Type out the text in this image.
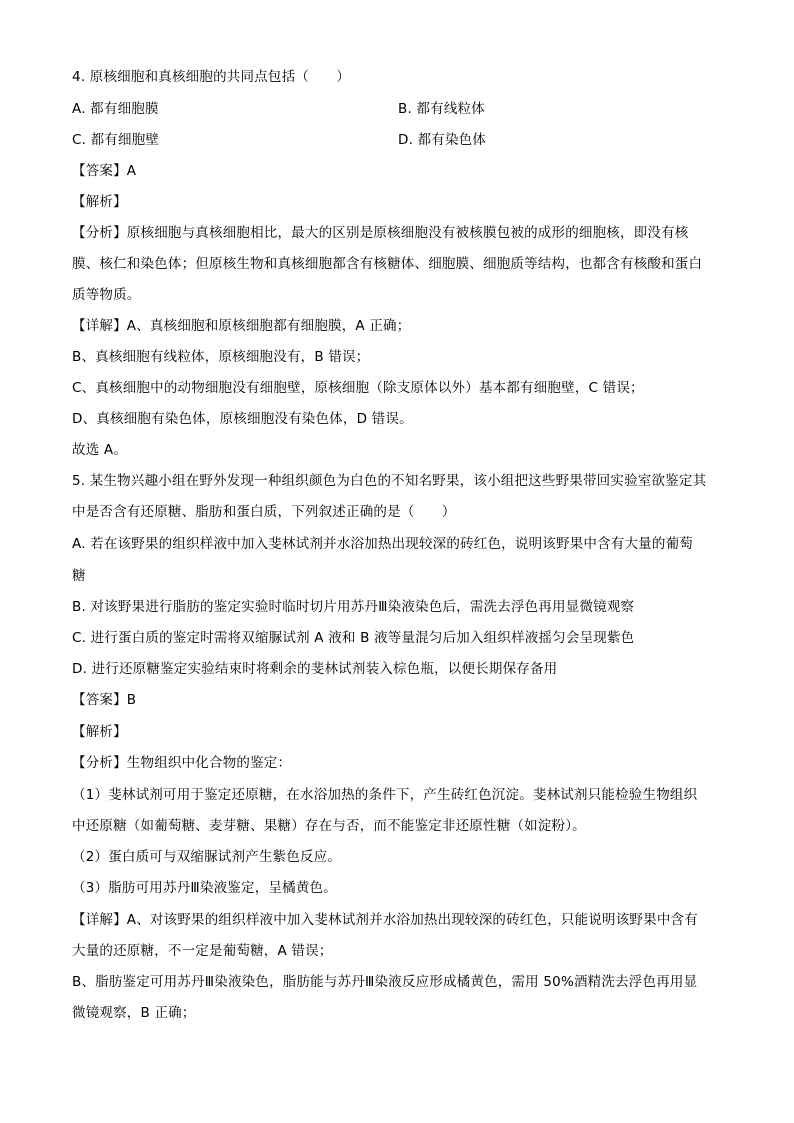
4. 原核细胞和真核细胞的共同点包括（　　）
A. 都有细胞膜	B. 都有线粒体
C. 都有细胞壁	D. 都有染色体
【答案】A
【解析】
【分析】原核细胞与真核细胞相比，最大的区别是原核细胞没有被核膜包被的成形的细胞核，即没有核
膜、核仁和染色体；但原核生物和真核细胞都含有核糖体、细胞膜、细胞质等结构，也都含有核酸和蛋白
质等物质。
【详解】A、真核细胞和原核细胞都有细胞膜，A 正确；
B、真核细胞有线粒体，原核细胞没有，B 错误；
C、真核细胞中的动物细胞没有细胞壁，原核细胞（除支原体以外）基本都有细胞壁，C 错误；
D、真核细胞有染色体，原核细胞没有染色体，D 错误。
故选 A。
5. 某生物兴趣小组在野外发现一种组织颜色为白色的不知名野果，该小组把这些野果带回实验室欲鉴定其
中是否含有还原糖、脂肪和蛋白质，下列叙述正确的是（　　）
A. 若在该野果的组织样液中加入斐林试剂并水浴加热出现较深的砖红色，说明该野果中含有大量的葡萄
糖
B. 对该野果进行脂肪的鉴定实验时临时切片用苏丹Ⅲ染液染色后，需洗去浮色再用显微镜观察
C. 进行蛋白质的鉴定时需将双缩脲试剂 A 液和 B 液等量混匀后加入组织样液摇匀会呈现紫色
D. 进行还原糖鉴定实验结束时将剩余的斐林试剂装入棕色瓶，以便长期保存备用
【答案】B
【解析】
【分析】生物组织中化合物的鉴定：
（1）斐林试剂可用于鉴定还原糖，在水浴加热的条件下，产生砖红色沉淀。斐林试剂只能检验生物组织
中还原糖（如葡萄糖、麦芽糖、果糖）存在与否，而不能鉴定非还原性糖（如淀粉）。
（2）蛋白质可与双缩脲试剂产生紫色反应。
（3）脂肪可用苏丹Ⅲ染液鉴定，呈橘黄色。
【详解】A、对该野果的组织样液中加入斐林试剂并水浴加热出现较深的砖红色，只能说明该野果中含有
大量的还原糖，不一定是葡萄糖，A 错误；
B、脂肪鉴定可用苏丹Ⅲ染液染色，脂肪能与苏丹Ⅲ染液反应形成橘黄色，需用 50%酒精洗去浮色再用显
微镜观察，B 正确；
